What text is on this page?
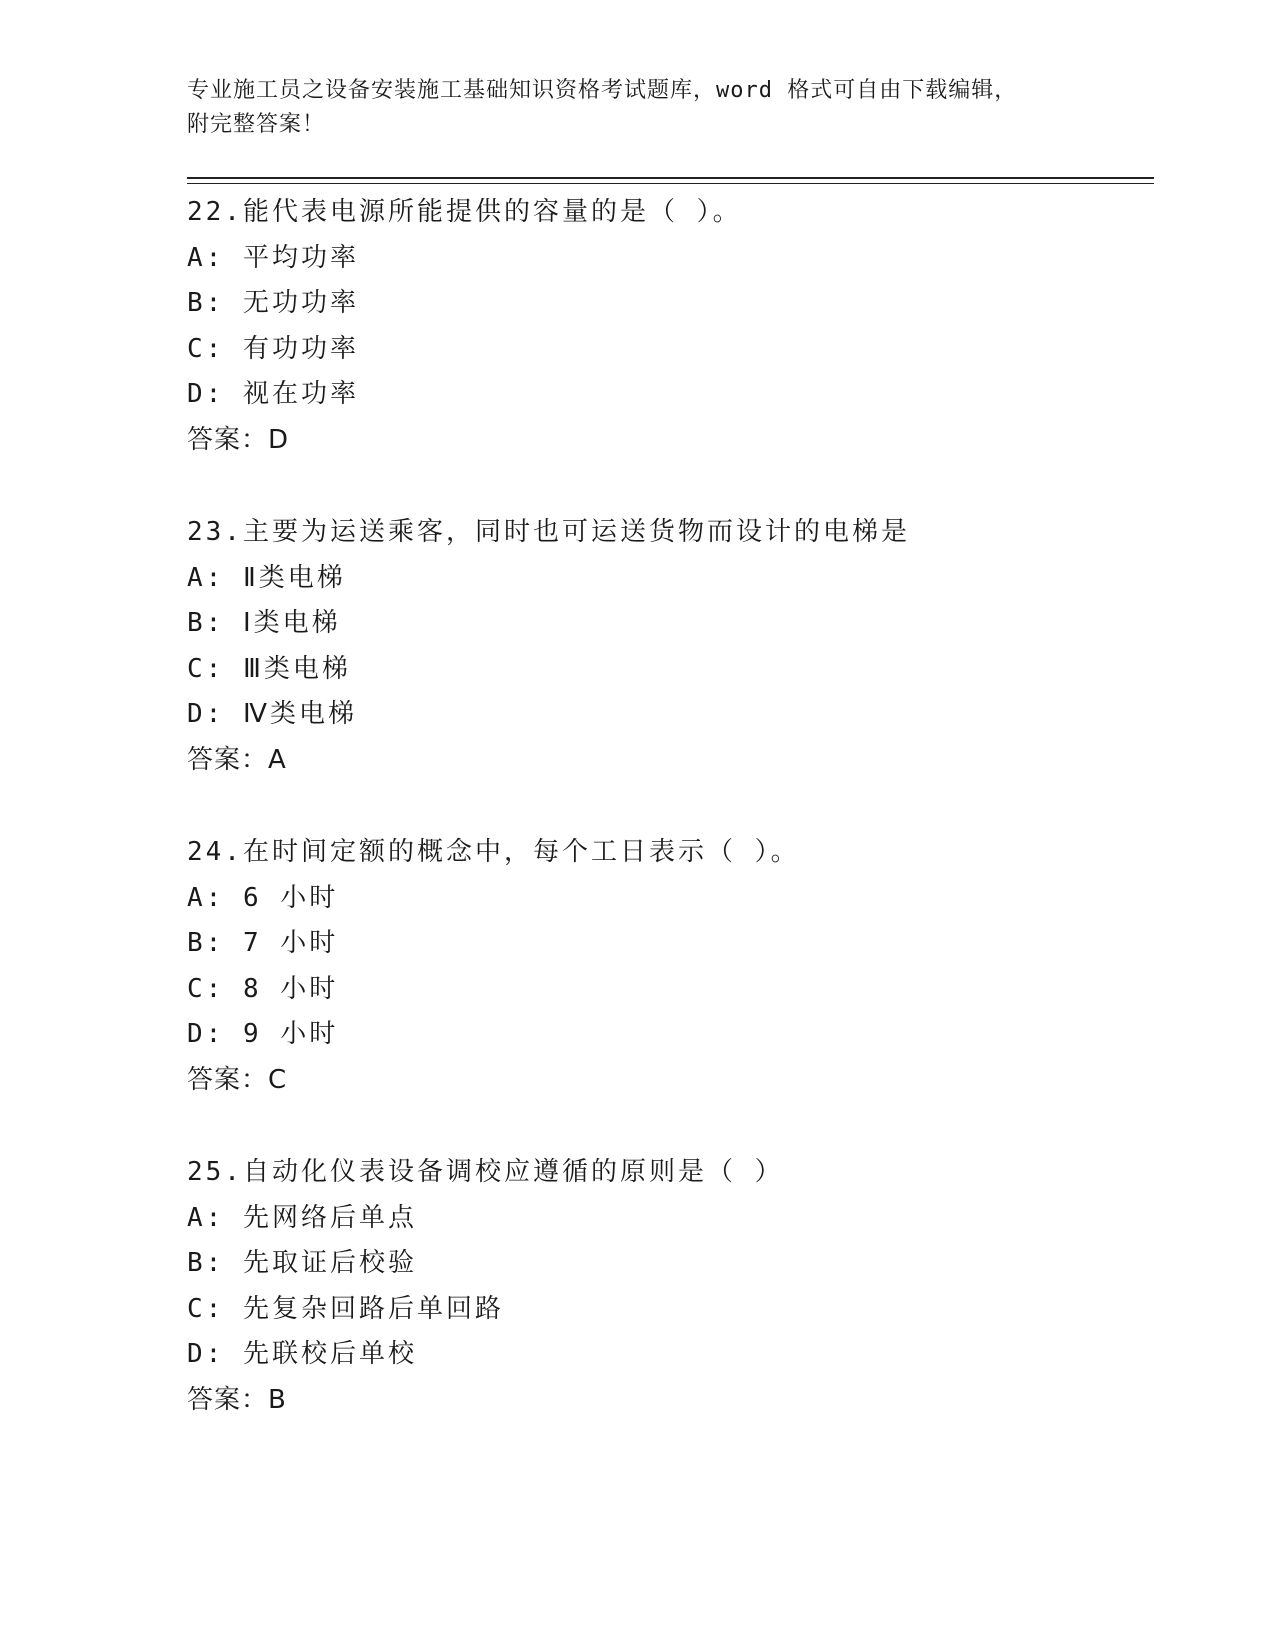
专业施工员之设备安装施工基础知识资格考试题库，word 格式可自由下载编辑，
附完整答案！
22.能代表电源所能提供的容量的是（ ）。
A: 平均功率
B: 无功功率
C: 有功功率
D: 视在功率
答案：D
23.主要为运送乘客，同时也可运送货物而设计的电梯是
A: Ⅱ类电梯
B: Ⅰ类电梯
C: Ⅲ类电梯
D: Ⅳ类电梯
答案：A
24.在时间定额的概念中，每个工日表示（ ）。
A: 6 小时
B: 7 小时
C: 8 小时
D: 9 小时
答案：C
25.自动化仪表设备调校应遵循的原则是（ ）
A: 先网络后单点
B: 先取证后校验
C: 先复杂回路后单回路
D: 先联校后单校
答案：B
